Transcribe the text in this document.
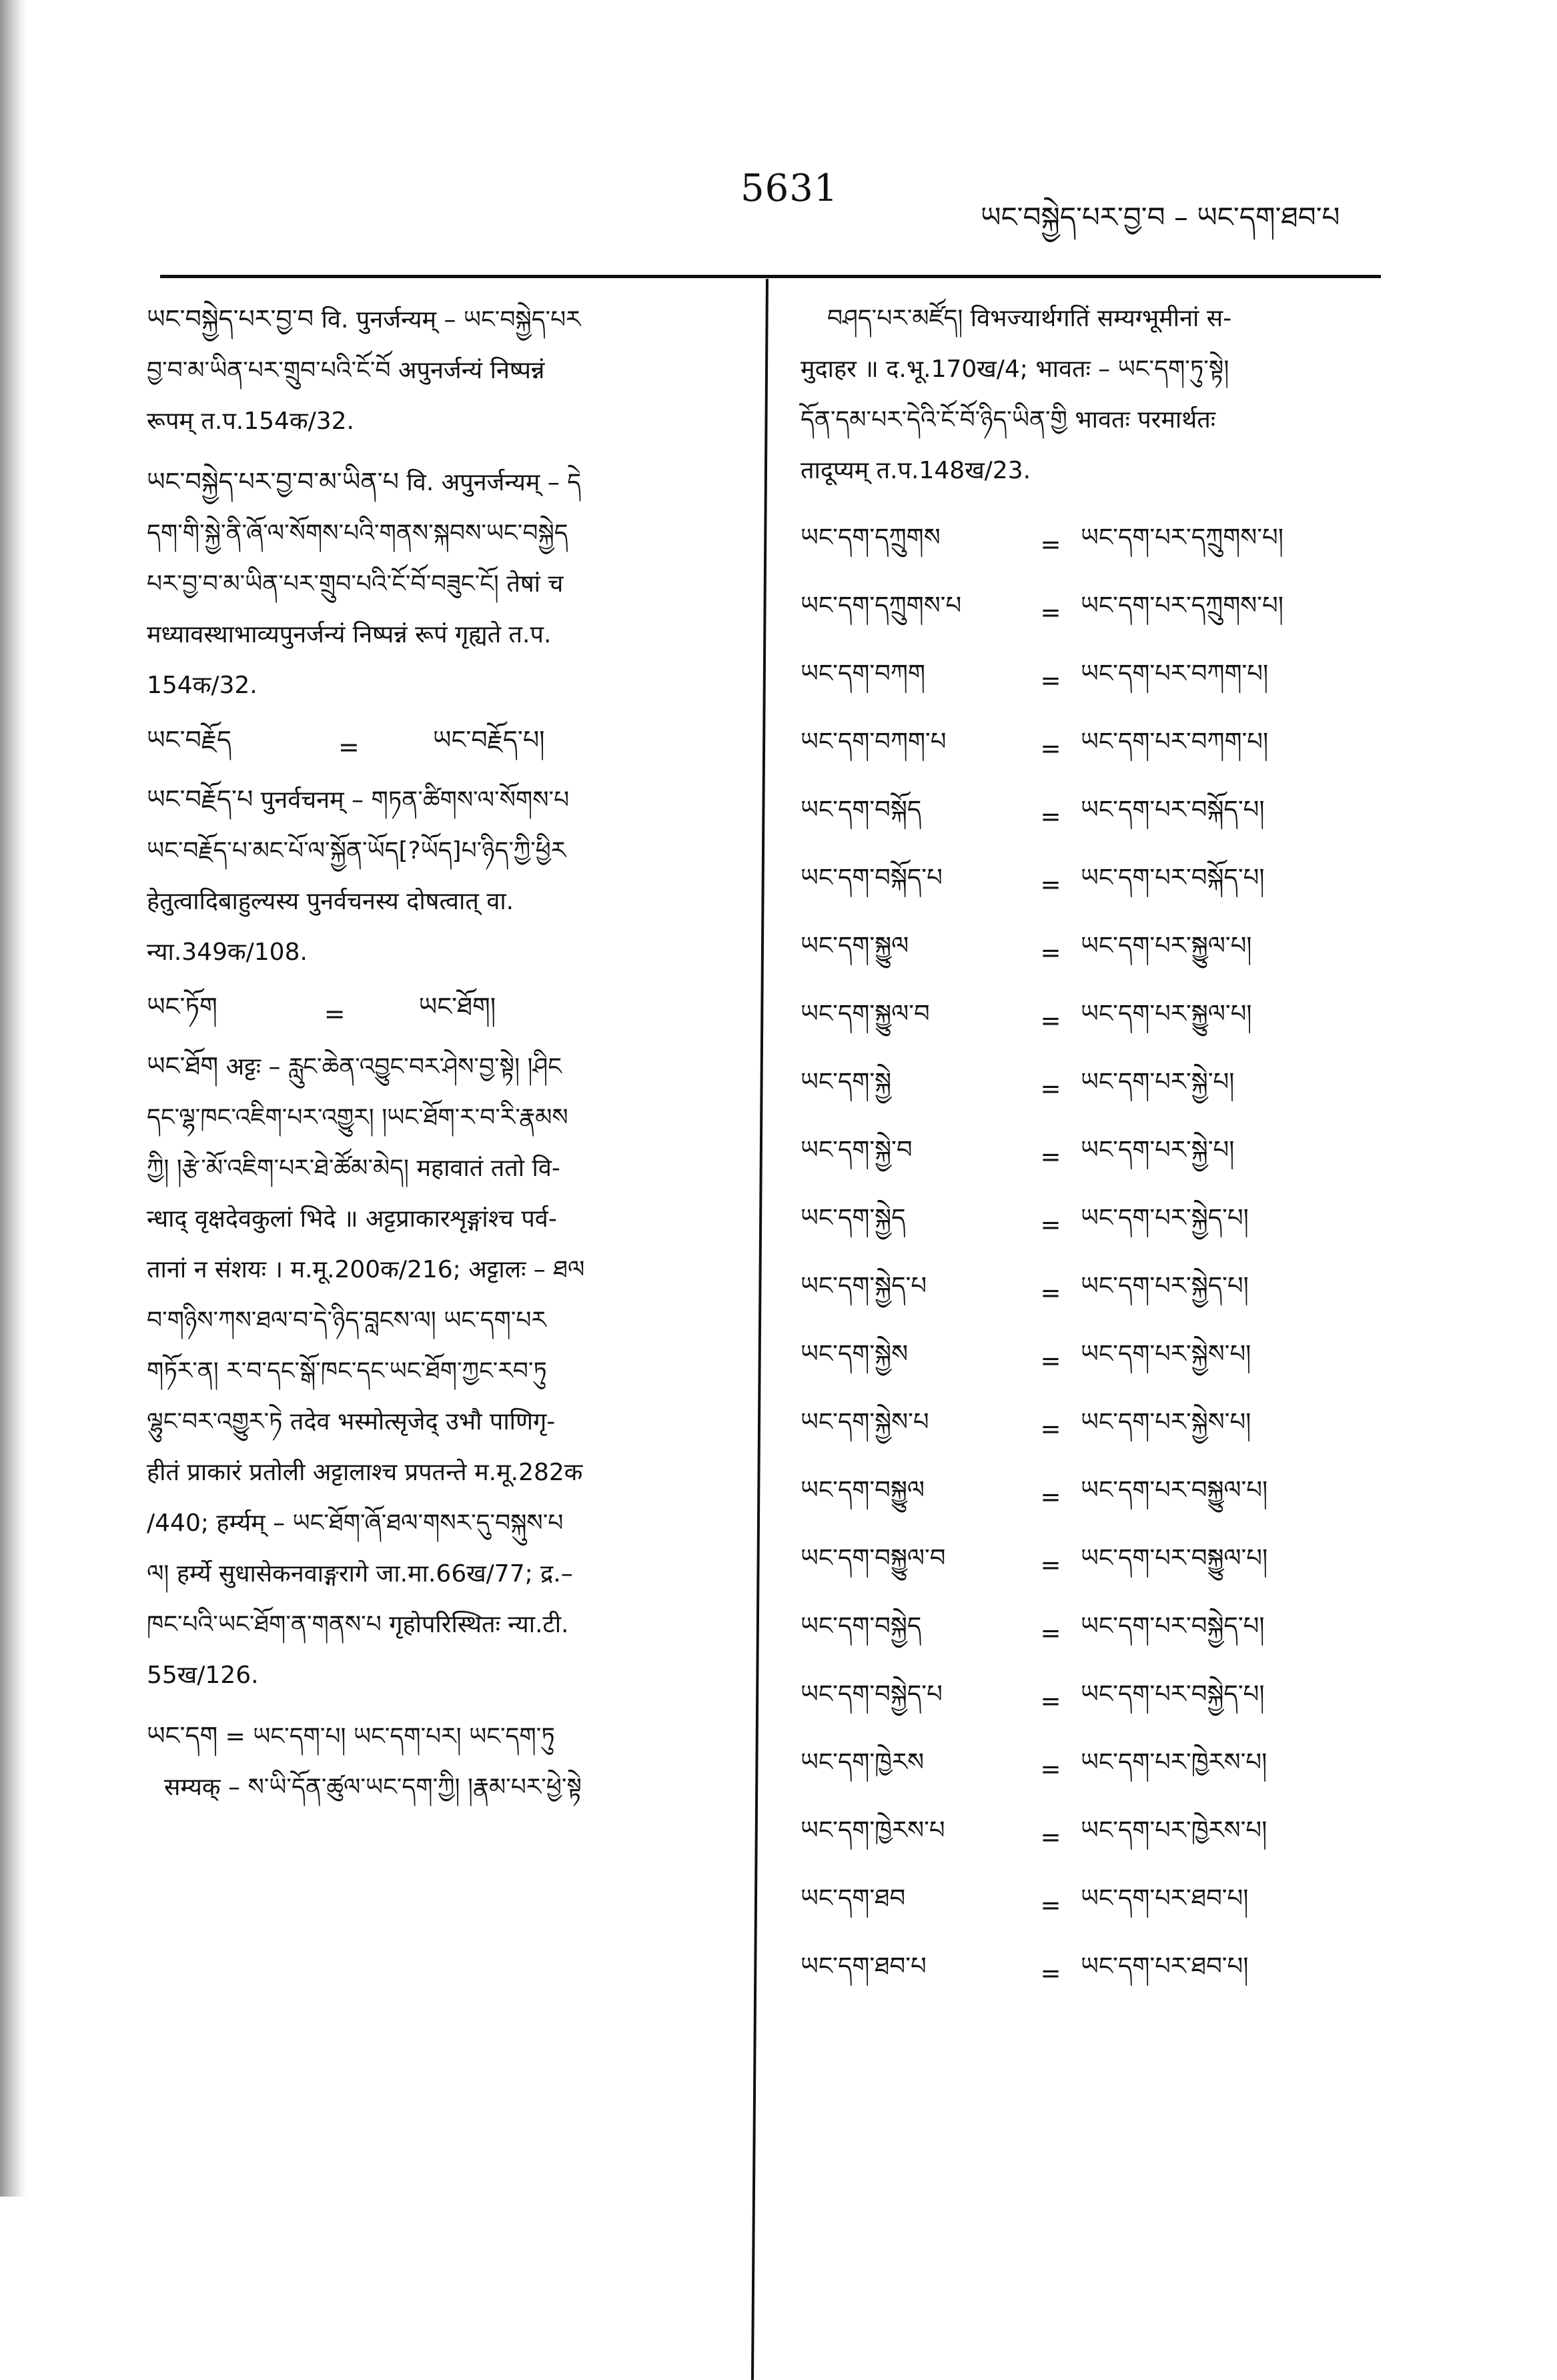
5631
ཡང་བསྐྱེད་པར་བྱ་བ – ཡང་དག་ཐབ་པ

ཡང་བསྐྱེད་པར་བྱ་བ वि. पुनर्जन्यम् – ཡང་བསྐྱེད་པར

བྱ་བ་མ་ཡིན་པར་གྲུབ་པའི་ངོ་བོ अपुनर्जन्यं निष्पन्नं

रूपम् त.प.154क/32.

ཡང་བསྐྱེད་པར་བྱ་བ་མ་ཡིན་པ वि. अपुनर्जन्यम् – དེ

དག་གི་སྐྱེ་ནི་ཞོ་ལ་སོགས་པའི་གནས་སྐབས་ཡང་བསྐྱེད

པར་བྱ་བ་མ་ཡིན་པར་གྲུབ་པའི་ངོ་བོ་བཟུང་ངོ། तेषां च

मध्यावस्थाभाव्यपुनर्जन्यं निष्पन्नं रूपं गृह्यते त.प.

154क/32.

ཡང་བརྗོད	=	ཡང་བརྗོད་པ།

ཡང་བརྗོད་པ पुनर्वचनम् – གཏན་ཚིགས་ལ་སོགས་པ

ཡང་བརྗོད་པ་མང་པོ་ལ་སྐྱོན་ཡོད[?ཡོད]པ་ཉིད་ཀྱི་ཕྱིར

हेतुत्वादिबाहुल्यस्य पुनर्वचनस्य दोषत्वात् वा.

न्या.349क/108.

ཡང་ཏོག	=	ཡང་ཐོག།

ཡང་ཐོག अट्टः – རླུང་ཆེན་འབྱུང་བར་ཤེས་བྱ་སྟེ། །ཤིང

དང་ལྷ་ཁང་འཇིག་པར་འགྱུར། །ཡང་ཐོག་ར་བ་རི་རྣམས

ཀྱི། །རྩེ་མོ་འཇིག་པར་ཐེ་ཚོམ་མེད། महावातं ततो वि-

न्धाद् वृक्षदेवकुलां भिदे ॥ अट्टप्राकारशृङ्गांश्च पर्व-

तानां न संशयः । म.मू.200क/216; अट्टालः – ཐལ

བ་གཉིས་ཀས་ཐལ་བ་དེ་ཉིད་བླངས་ལ། ཡང་དག་པར

གཏོར་ན། ར་བ་དང་སྒོ་ཁང་དང་ཡང་ཐོག་ཀྱང་རབ་ཏུ

ལྷུང་བར་འགྱུར་ཏེ तदेव भस्मोत्सृजेद् उभौ पाणिगृ-

हीतं प्राकारं प्रतोली अट्टालाश्च प्रपतन्ते म.मू.282क

/440; हर्म्यम् – ཡང་ཐོག་ཞོ་ཐལ་གསར་དུ་བསྐུས་པ

ལ། हर्म्ये सुधासेकनवाङ्गरागे जा.मा.66ख/77; द्र.–

ཁང་པའི་ཡང་ཐོག་ན་གནས་པ गृहोपरिस्थितः न्या.टी.

55ख/126.

ཡང་དག = ཡང་དག་པ། ཡང་དག་པར། ཡང་དག་ཏུ

सम्यक् – ས་ཡི་དོན་ཚུལ་ཡང་དག་ཀྱི། །རྣམ་པར་ཕྱེ་སྟེ

བཤད་པར་མཛོད། विभज्यार्थगतिं सम्यग्भूमीनां स-

मुदाहर ॥ द.भू.170ख/4; भावतः – ཡང་དག་ཏུ་སྟེ།

དོན་དམ་པར་དེའི་ངོ་བོ་ཉིད་ཡིན་གྱི भावतः परमार्थतः

तादूप्यम् त.प.148ख/23.

ཡང་དག་དཀྲུགས	= ཡང་དག་པར་དཀྲུགས་པ།
ཡང་དག་དཀྲུགས་པ	= ཡང་དག་པར་དཀྲུགས་པ།
ཡང་དག་བཀག	= ཡང་དག་པར་བཀག་པ།
ཡང་དག་བཀག་པ	= ཡང་དག་པར་བཀག་པ།
ཡང་དག་བསྐོད	= ཡང་དག་པར་བསྐོད་པ།
ཡང་དག་བསྐོད་པ	= ཡང་དག་པར་བསྐོད་པ།
ཡང་དག་སྐྱུལ	= ཡང་དག་པར་སྐྱུལ་པ།
ཡང་དག་སྐྱུལ་བ	= ཡང་དག་པར་སྐྱུལ་པ།
ཡང་དག་སྐྱེ	= ཡང་དག་པར་སྐྱེ་པ།
ཡང་དག་སྐྱེ་བ	= ཡང་དག་པར་སྐྱེ་པ།
ཡང་དག་སྐྱེད	= ཡང་དག་པར་སྐྱེད་པ།
ཡང་དག་སྐྱེད་པ	= ཡང་དག་པར་སྐྱེད་པ།
ཡང་དག་སྐྱེས	= ཡང་དག་པར་སྐྱེས་པ།
ཡང་དག་སྐྱེས་པ	= ཡང་དག་པར་སྐྱེས་པ།
ཡང་དག་བསྐྱུལ	= ཡང་དག་པར་བསྐྱུལ་པ།
ཡང་དག་བསྐྱུལ་བ	= ཡང་དག་པར་བསྐྱུལ་པ།
ཡང་དག་བསྐྱེད	= ཡང་དག་པར་བསྐྱེད་པ།
ཡང་དག་བསྐྱེད་པ	= ཡང་དག་པར་བསྐྱེད་པ།
ཡང་དག་ཁྱེརས	= ཡང་དག་པར་ཁྱེརས་པ།
ཡང་དག་ཁྱེརས་པ	= ཡང་དག་པར་ཁྱེརས་པ།
ཡང་དག་ཐབ	= ཡང་དག་པར་ཐབ་པ།
ཡང་དག་ཐབ་པ	= ཡང་དག་པར་ཐབ་པ།
